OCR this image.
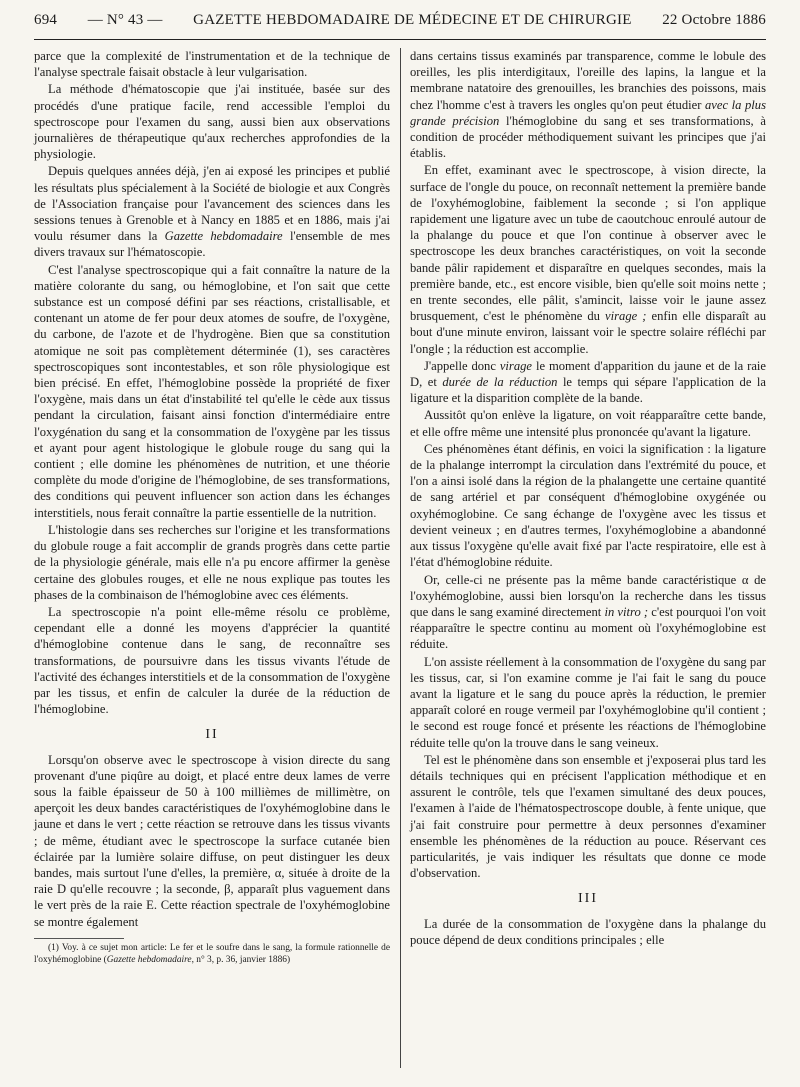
694 — N° 43 — GAZETTE HEBDOMADAIRE DE MÉDECINE ET DE CHIRURGIE 22 Octobre 1886

parce que la complexité de l'instrumentation et de la technique de l'analyse spectrale faisait obstacle à leur vulgarisation.

La méthode d'hématoscopie que j'ai instituée, basée sur des procédés d'une pratique facile, rend accessible l'emploi du spectroscope pour l'examen du sang, aussi bien aux observations journalières de thérapeutique qu'aux recherches approfondies de la physiologie.

Depuis quelques années déjà, j'en ai exposé les principes et publié les résultats plus spécialement à la Société de biologie et aux Congrès de l'Association française pour l'avancement des sciences dans les sessions tenues à Grenoble et à Nancy en 1885 et en 1886, mais j'ai voulu résumer dans la Gazette hebdomadaire l'ensemble de mes divers travaux sur l'hématoscopie.

C'est l'analyse spectroscopique qui a fait connaître la nature de la matière colorante du sang, ou hémoglobine, et l'on sait que cette substance est un composé défini par ses réactions, cristallisable, et contenant un atome de fer pour deux atomes de soufre, de l'oxygène, du carbone, de l'azote et de l'hydrogène. Bien que sa constitution atomique ne soit pas complètement déterminée (1), ses caractères spectroscopiques sont incontestables, et son rôle physiologique est bien précisé. En effet, l'hémoglobine possède la propriété de fixer l'oxygène, mais dans un état d'instabilité tel qu'elle le cède aux tissus pendant la circulation, faisant ainsi fonction d'intermédiaire entre l'oxygénation du sang et la consommation de l'oxygène par les tissus et ayant pour agent histologique le globule rouge du sang qui la contient ; elle domine les phénomènes de nutrition, et une théorie complète du mode d'origine de l'hémoglobine, de ses transformations, des conditions qui peuvent influencer son action dans les échanges interstitiels, nous ferait connaître la partie essentielle de la nutrition.

L'histologie dans ses recherches sur l'origine et les transformations du globule rouge a fait accomplir de grands progrès dans cette partie de la physiologie générale, mais elle n'a pu encore affirmer la genèse certaine des globules rouges, et elle ne nous explique pas toutes les phases de la combinaison de l'hémoglobine avec ces éléments.

La spectroscopie n'a point elle-même résolu ce problème, cependant elle a donné les moyens d'apprécier la quantité d'hémoglobine contenue dans le sang, de reconnaître ses transformations, de poursuivre dans les tissus vivants l'étude de l'activité des échanges interstitiels et de la consommation de l'oxygène par les tissus, et enfin de calculer la durée de la réduction de l'hémoglobine.

II

Lorsqu'on observe avec le spectroscope à vision directe du sang provenant d'une piqûre au doigt, et placé entre deux lames de verre sous la faible épaisseur de 50 à 100 millièmes de millimètre, on aperçoit les deux bandes caractéristiques de l'oxyhémoglobine dans le jaune et dans le vert ; cette réaction se retrouve dans les tissus vivants ; de même, étudiant avec le spectroscope la surface cutanée bien éclairée par la lumière solaire diffuse, on peut distinguer les deux bandes, mais surtout l'une d'elles, la première, α, située à droite de la raie D qu'elle recouvre ; la seconde, β, apparaît plus vaguement dans le vert près de la raie E. Cette réaction spectrale de l'oxyhémoglobine se montre également

(1) Voy. à ce sujet mon article: Le fer et le soufre dans le sang, la formule rationnelle de l'oxyhémoglobine (Gazette hebdomadaire, n° 3, p. 36, janvier 1886)

dans certains tissus examinés par transparence, comme le lobule des oreilles, les plis interdigitaux, l'oreille des lapins, la langue et la membrane natatoire des grenouilles, les branchies des poissons, mais chez l'homme c'est à travers les ongles qu'on peut étudier avec la plus grande précision l'hémoglobine du sang et ses transformations, à condition de procéder méthodiquement suivant les principes que j'ai établis.

En effet, examinant avec le spectroscope, à vision directe, la surface de l'ongle du pouce, on reconnaît nettement la première bande de l'oxyhémoglobine, faiblement la seconde ; si l'on applique rapidement une ligature avec un tube de caoutchouc enroulé autour de la phalange du pouce et que l'on continue à observer avec le spectroscope les deux branches caractéristiques, on voit la seconde bande pâlir rapidement et disparaître en quelques secondes, mais la première bande, etc., est encore visible, bien qu'elle soit moins nette ; en trente secondes, elle pâlit, s'amincit, laisse voir le jaune assez brusquement, c'est le phénomène du virage ; enfin elle disparaît au bout d'une minute environ, laissant voir le spectre solaire réfléchi par l'ongle ; la réduction est accomplie.

J'appelle donc virage le moment d'apparition du jaune et de la raie D, et durée de la réduction le temps qui sépare l'application de la ligature et la disparition complète de la bande.

Aussitôt qu'on enlève la ligature, on voit réapparaître cette bande, et elle offre même une intensité plus prononcée qu'avant la ligature.

Ces phénomènes étant définis, en voici la signification : la ligature de la phalange interrompt la circulation dans l'extrémité du pouce, et l'on a ainsi isolé dans la région de la phalangette une certaine quantité de sang artériel et par conséquent d'hémoglobine oxygénée ou oxyhémoglobine. Ce sang échange de l'oxygène avec les tissus et devient veineux ; en d'autres termes, l'oxyhémoglobine a abandonné aux tissus l'oxygène qu'elle avait fixé par l'acte respiratoire, elle est à l'état d'hémoglobine réduite.

Or, celle-ci ne présente pas la même bande caractéristique α de l'oxyhémoglobine, aussi bien lorsqu'on la recherche dans les tissus que dans le sang examiné directement in vitro ; c'est pourquoi l'on voit réapparaître le spectre continu au moment où l'oxyhémoglobine est réduite.

L'on assiste réellement à la consommation de l'oxygène du sang par les tissus, car, si l'on examine comme je l'ai fait le sang du pouce avant la ligature et le sang du pouce après la réduction, le premier apparaît coloré en rouge vermeil par l'oxyhémoglobine qu'il contient ; le second est rouge foncé et présente les réactions de l'hémoglobine réduite telle qu'on la trouve dans le sang veineux.

Tel est le phénomène dans son ensemble et j'exposerai plus tard les détails techniques qui en précisent l'application méthodique et en assurent le contrôle, tels que l'examen simultané des deux pouces, l'examen à l'aide de l'hématospectroscope double, à fente unique, que j'ai fait construire pour permettre à deux personnes d'examiner ensemble les phénomènes de la réduction au pouce. Réservant ces particularités, je vais indiquer les résultats que donne ce mode d'observation.

III

La durée de la consommation de l'oxygène dans la phalange du pouce dépend de deux conditions principales ; elle
